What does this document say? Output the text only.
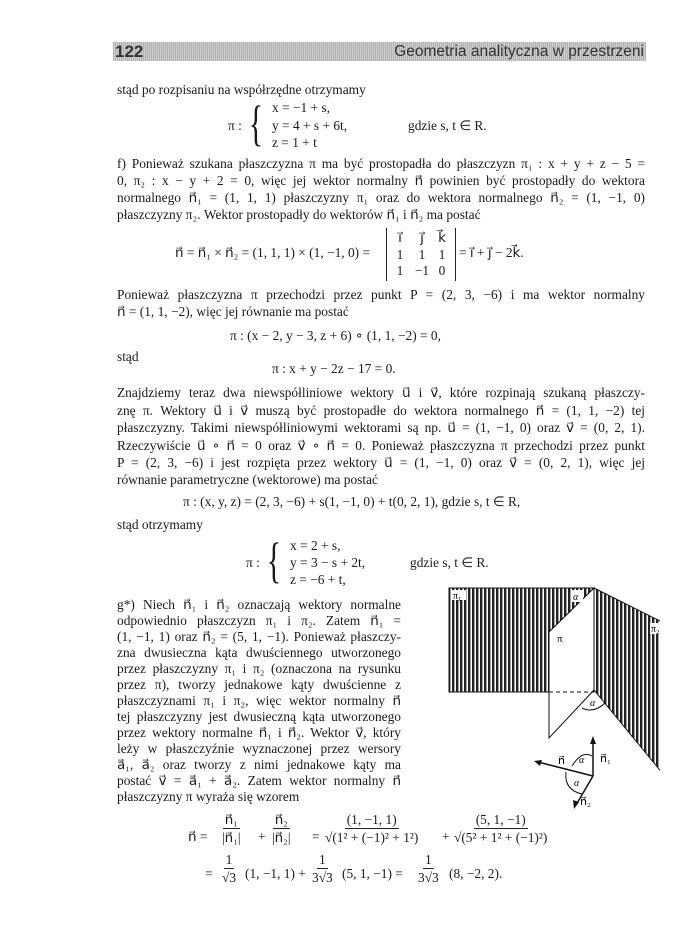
122	Geometria analityczna w przestrzeni
stąd po rozpisaniu na współrzędne otrzymamy
π : { x = −1 + s,
y = 4 + s + 6t,
z = 1 + t
gdzie s, t ∈ R.
f) Ponieważ szukana płaszczyzna π ma być prostopadła do płaszczyzn π₁ : x + y + z − 5 =
0, π₂ : x − y + 2 = 0, więc jej wektor normalny n⃗ powinien być prostopadły do wektora
normalnego n⃗₁ = (1, 1, 1) płaszczyzny π₁ oraz do wektora normalnego n⃗₂ = (1, −1, 0)
płaszczyzny π₂. Wektor prostopadły do wektorów n⃗₁ i n⃗₂ ma postać
n⃗ = n⃗₁ × n⃗₂ = (1, 1, 1) × (1, −1, 0) =
i⃗	j⃗	k⃗
1	1 1
1 −1 0
= i⃗ + j⃗ − 2k⃗.
Ponieważ płaszczyzna π przechodzi przez punkt P = (2, 3, −6) i ma wektor normalny
n⃗ = (1, 1, −2), więc jej równanie ma postać
π : (x − 2, y − 3, z + 6) ∘ (1, 1, −2) = 0,
stąd
π : x + y − 2z − 17 = 0.
Znajdziemy teraz dwa niewspółliniowe wektory u⃗ i v⃗, które rozpinają szukaną płaszczy-
znę π. Wektory u⃗ i v⃗ muszą być prostopadłe do wektora normalnego n⃗ = (1, 1, −2) tej
płaszczyzny. Takimi niewspółliniowymi wektorami są np. u⃗ = (1, −1, 0) oraz v⃗ = (0, 2, 1).
Rzeczywiście u⃗ ∘ n⃗ = 0 oraz v⃗ ∘ n⃗ = 0. Ponieważ płaszczyzna π przechodzi przez punkt
P = (2, 3, −6) i jest rozpięta przez wektory u⃗ = (1, −1, 0) oraz v⃗ = (0, 2, 1), więc jej
równanie parametryczne (wektorowe) ma postać
π : (x, y, z) = (2, 3, −6) + s(1, −1, 0) + t(0, 2, 1), gdzie s, t ∈ R,
stąd otrzymamy
π : { x = 2 + s,
y = 3 − s + 2t,
z = −6 + t,
gdzie s, t ∈ R.
g*) Niech n⃗₁ i n⃗₂ oznaczają wektory normalne
odpowiednio płaszczyzn π₁ i π₂. Zatem n⃗₁ =
(1, −1, 1) oraz n⃗₂ = (5, 1, −1). Ponieważ płaszczy-
zna dwusieczna kąta dwuściennego utworzonego
przez płaszczyzny π₁ i π₂ (oznaczona na rysunku
przez π), tworzy jednakowe kąty dwuścienne z
płaszczyznami π₁ i π₂, więc wektor normalny n⃗
tej płaszczyzny jest dwusieczną kąta utworzonego
przez wektory normalne n⃗₁ i n⃗₂. Wektor v⃗, który
leży w płaszczyźnie wyznaczonej przez wersory
a⃗₁, a⃗₂ oraz tworzy z nimi jednakowe kąty ma
postać v⃗ = a⃗₁ + a⃗₂. Zatem wektor normalny n⃗
płaszczyzny π wyraża się wzorem
π₁
π₂
π
α
α
n⃗₁
n⃗ α
α
n⃗₂
n⃗ = $\frac{\text{n⃗₁}}{\text{|n⃗₁|}} + \frac{\text{n⃗₂}}{\text{|n⃗₂|}} = \frac{(1, -1, 1)}{\text{√(1² + (−1)² + 1²)}} + \frac{(5, 1, -1)}{\text{√(5² + 1² + (−1)²)}}$
= $\frac{1}{√3} (1$, −1, $1) + \frac{1}{3√3} (5$, 1, $-1) = \frac{1}{3√3} (8$, −2, 2).
